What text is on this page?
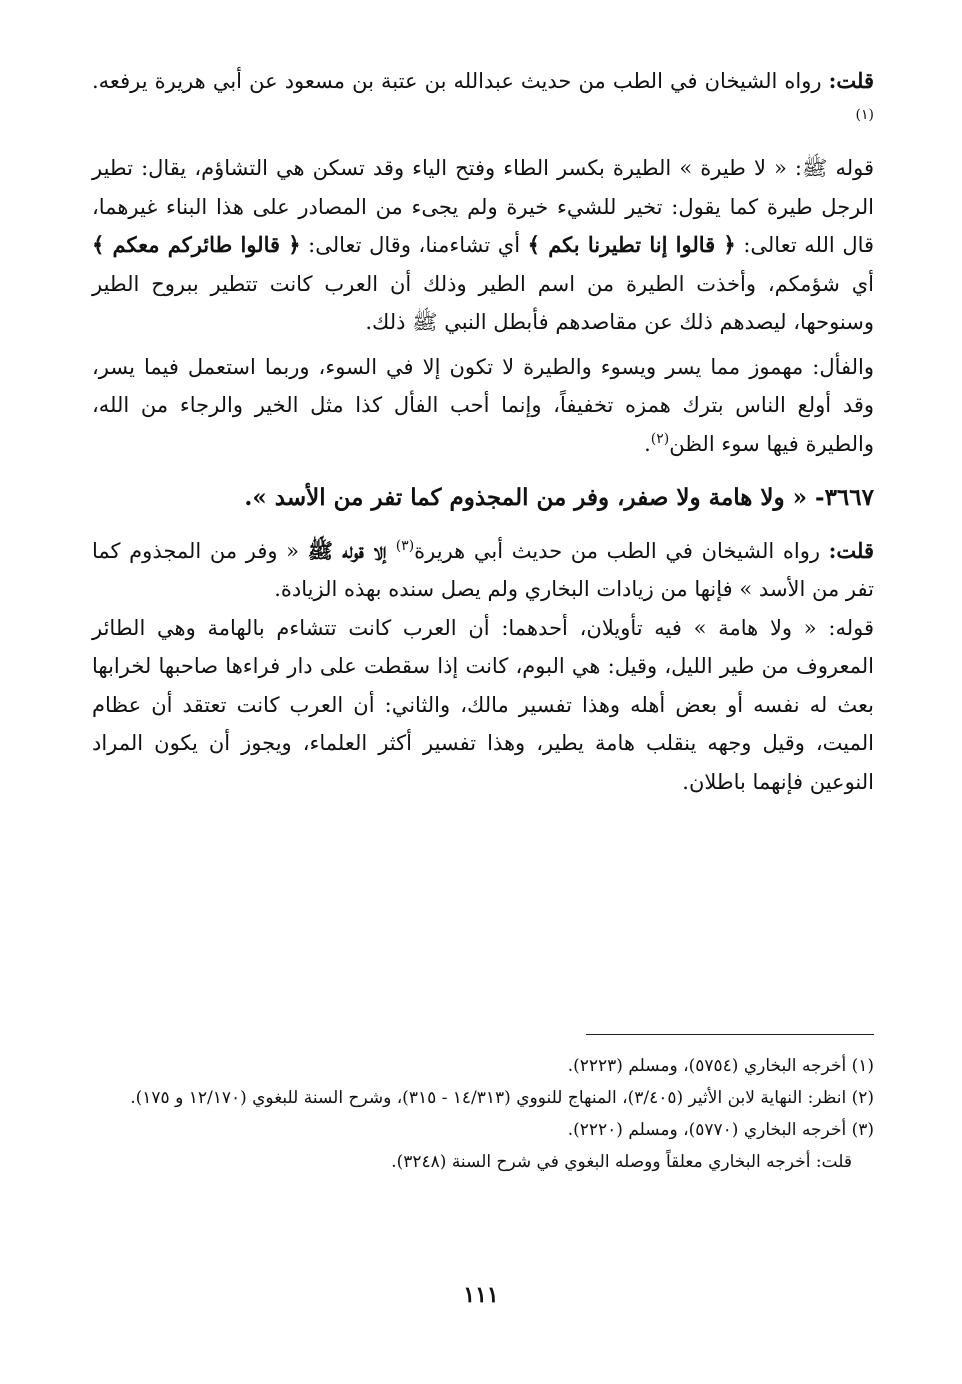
قلت: رواه الشيخان في الطب من حديث عبدالله بن عتبة بن مسعود عن أبي هريرة يرفعه.$^{(١)}$

قوله ﷺ: « لا طيرة » الطيرة بكسر الطاء وفتح الياء وقد تسكن هي التشاؤم، يقال: تطير الرجل طيرة كما يقول: تخير للشيء خيرة ولم يجىء من المصادر على هذا البناء غيرهما، قال الله تعالى: ﴿ قالوا إنا تطيرنا بكم ﴾ أي تشاءمنا، وقال تعالى: ﴿ قالوا طائركم معكم ﴾ أي شؤمكم، وأخذت الطيرة من اسم الطير وذلك أن العرب كانت تتطير ببروح الطير وسنوحها، ليصدهم ذلك عن مقاصدهم فأبطل النبي ﷺ ذلك.

والفأل: مهموز مما يسر ويسوء والطيرة لا تكون إلا في السوء، وربما استعمل فيما يسر، وقد أولع الناس بترك همزه تخفيفاً، وإنما أحب الفأل كذا مثل الخير والرجاء من الله، والطيرة فيها سوء الظن$^{(٢)}$.

٣٦٦٧- « ولا هامة ولا صفر، وفر من المجذوم كما تفر من الأسد ».

قلت: رواه الشيخان في الطب من حديث أبي هريرة$^{(٣)}$ إلا قوله ﷺ « وفر من المجذوم كما تفر من الأسد » فإنها من زيادات البخاري ولم يصل سنده بهذه الزيادة.

قوله: « ولا هامة » فيه تأويلان، أحدهما: أن العرب كانت تتشاءم بالهامة وهي الطائر المعروف من طير الليل، وقيل: هي البوم، كانت إذا سقطت على دار فراءها صاحبها لخرابها بعث له نفسه أو بعض أهله وهذا تفسير مالك، والثاني: أن العرب كانت تعتقد أن عظام الميت، وقيل وجهه ينقلب هامة يطير، وهذا تفسير أكثر العلماء، ويجوز أن يكون المراد النوعين فإنهما باطلان.

(١) أخرجه البخاري (٥٧٥٤)، ومسلم (٢٢٢٣).

(٢) انظر: النهاية لابن الأثير (٣/٤٠٥)، المنهاج للنووي (١٤/٣١٣ - ٣١٥)، وشرح السنة للبغوي (١٢/١٧٠ و ١٧٥).

(٣) أخرجه البخاري (٥٧٧٠)، ومسلم (٢٢٢٠).

قلت: أخرجه البخاري معلقاً ووصله البغوي في شرح السنة (٣٢٤٨).

١١١
